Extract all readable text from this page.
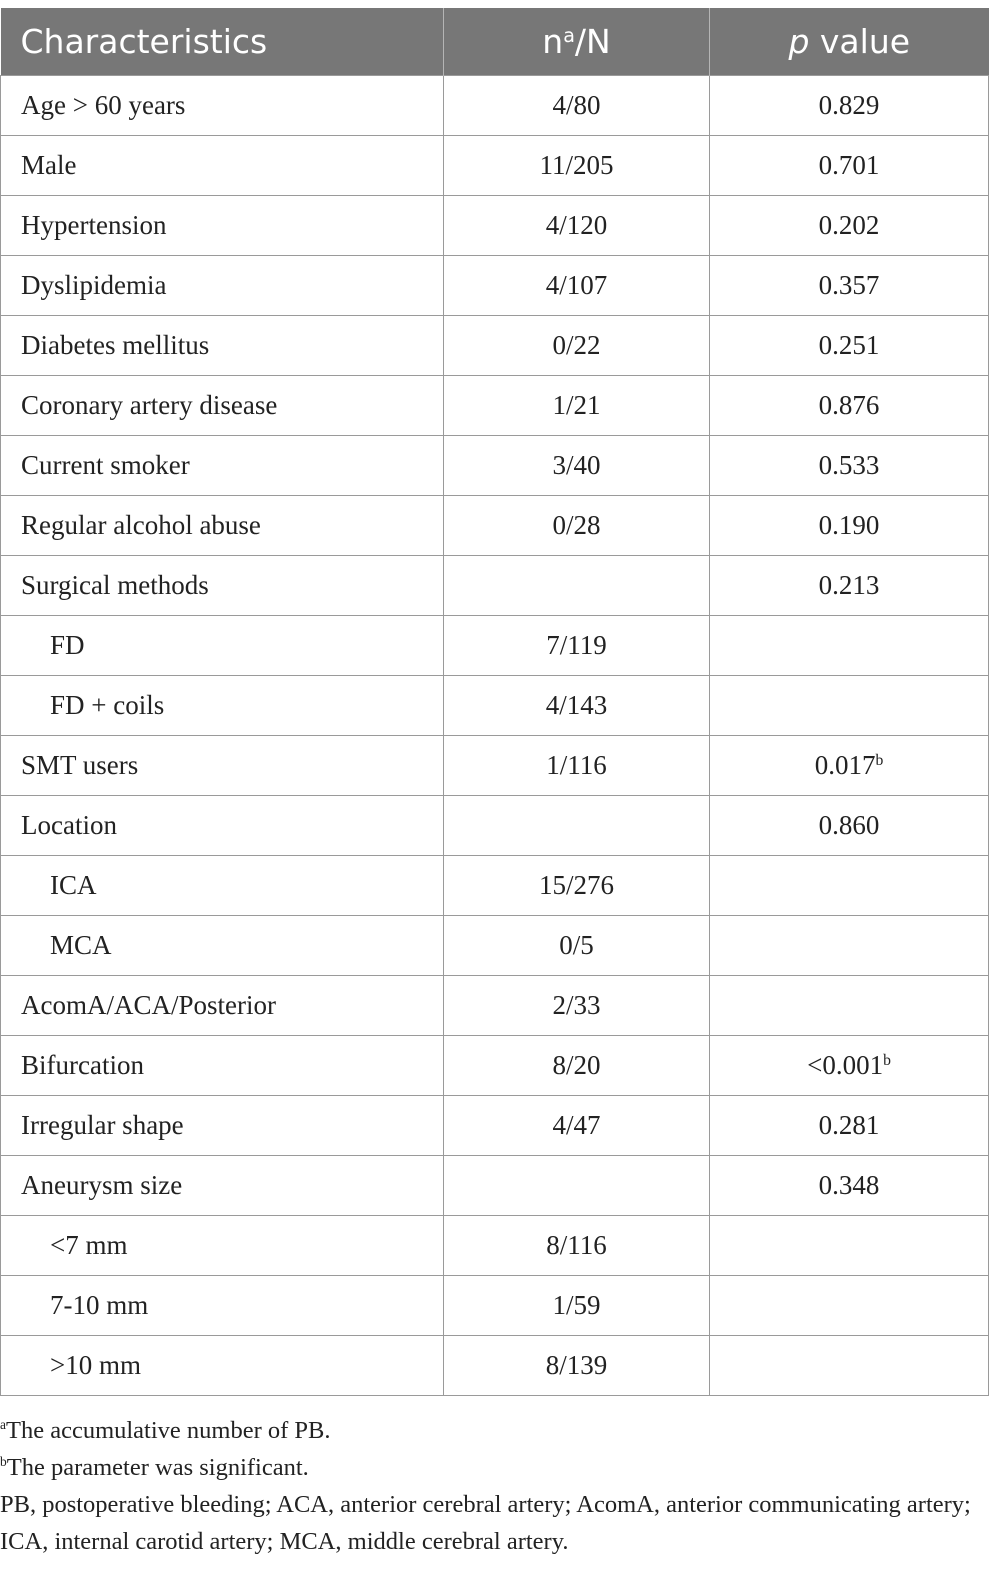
Characteristics	$n^a/N$	p value
Age > 60 years	4/80	0.829
Male	11/205	0.701
Hypertension	4/120	0.202
Dyslipidemia	4/107	0.357
Diabetes mellitus	0/22	0.251
Coronary artery disease	1/21	0.876
Current smoker	3/40	0.533
Regular alcohol abuse	0/28	0.190
Surgical methods		0.213
FD	7/119	
FD + coils	4/143	
SMT users	1/116	0.017$^b$
Location		0.860
ICA	15/276	
MCA	0/5	
AcomA/ACA/Posterior	2/33	
Bifurcation	8/20	<0.001$^b$
Irregular shape	4/47	0.281
Aneurysm size		0.348
<7 mm	8/116	
7-10 mm	1/59	
>10 mm	8/139	

$^a$The accumulative number of PB.

$^b$The parameter was significant.

PB, postoperative bleeding; ACA, anterior cerebral artery; AcomA, anterior communicating artery; ICA, internal carotid artery; MCA, middle cerebral artery.
